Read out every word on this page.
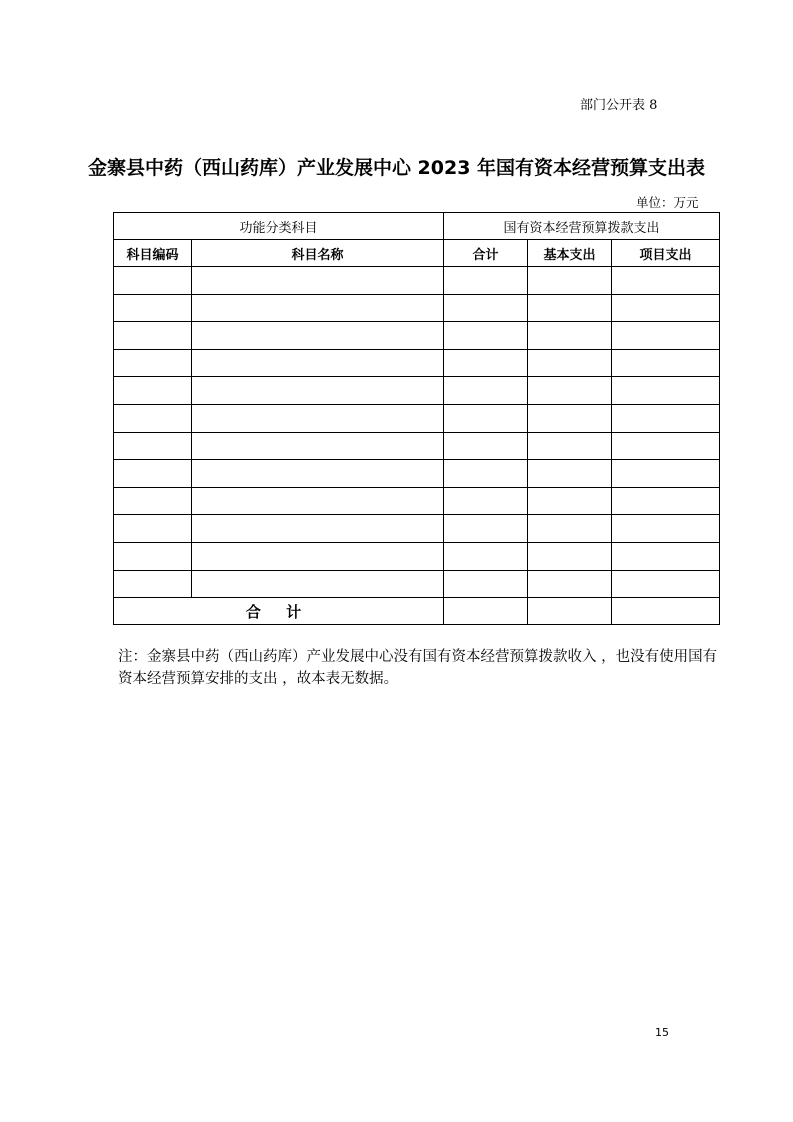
部门公开表 8
金寨县中药（西山药库）产业发展中心 2023 年国有资本经营预算支出表
单位：万元
功能分类科目		国有资本经营预算拨款支出		
科目编码	科目名称	合计	基本支出	项目支出

合 计				
注：金寨县中药（西山药库）产业发展中心没有国有资本经营预算拨款收入 ，也没有使用国有资本经营预算安排的支出 ，故本表无数据。
15
